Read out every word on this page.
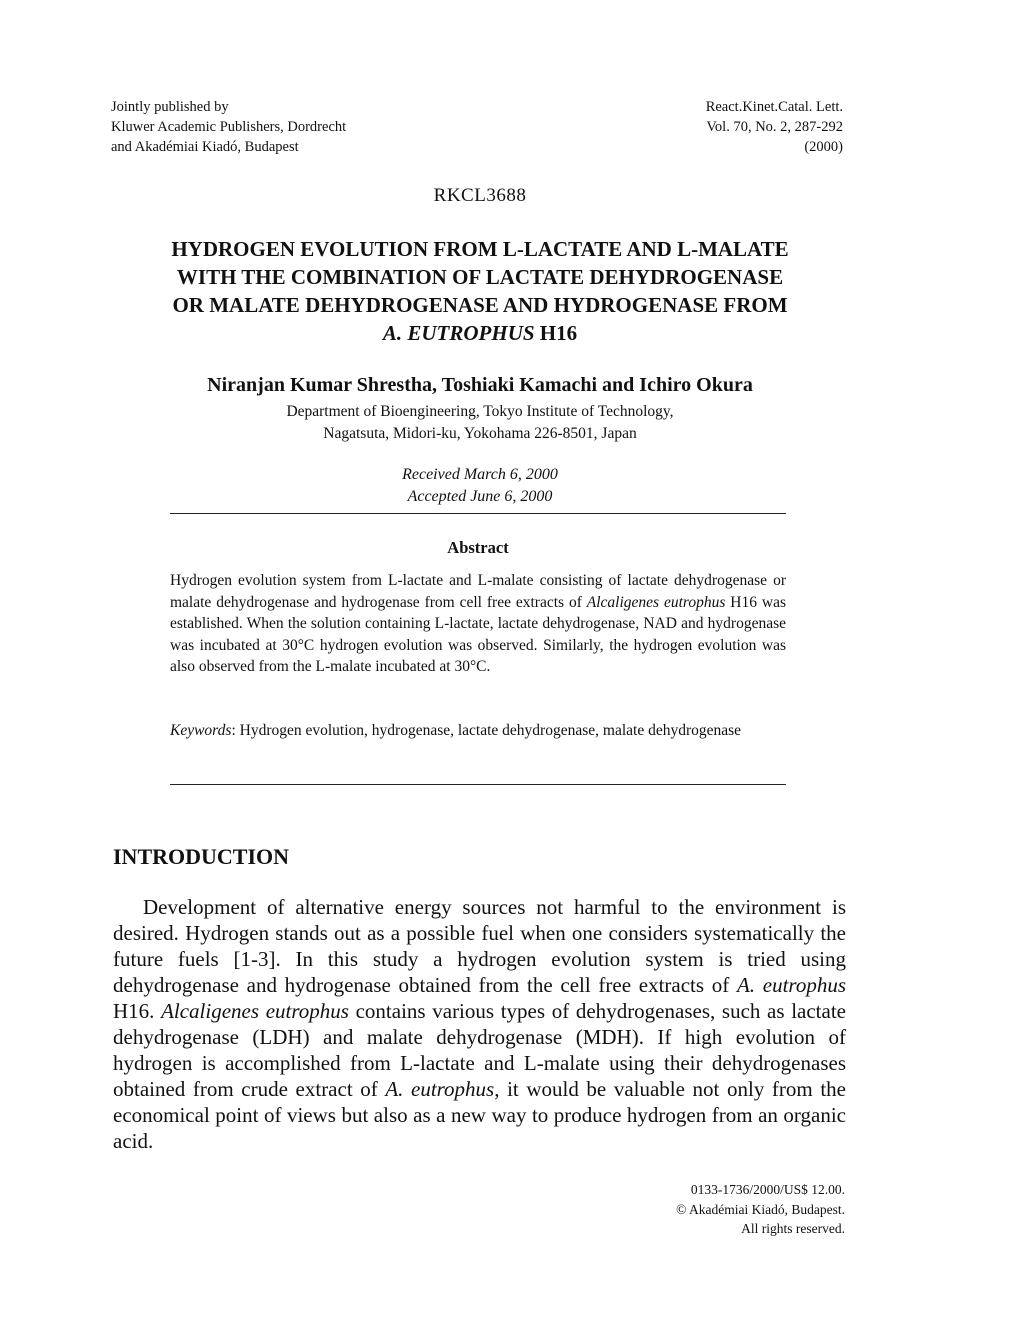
Jointly published by
Kluwer Academic Publishers, Dordrecht
and Akadémiai Kiadó, Budapest
React.Kinet.Catal. Lett.
Vol. 70, No. 2, 287-292
(2000)
RKCL3688
HYDROGEN EVOLUTION FROM L-LACTATE AND L-MALATE
WITH THE COMBINATION OF LACTATE DEHYDROGENASE
OR MALATE DEHYDROGENASE AND HYDROGENASE FROM
A. EUTROPHUS H16
Niranjan Kumar Shrestha, Toshiaki Kamachi and Ichiro Okura
Department of Bioengineering, Tokyo Institute of Technology,
Nagatsuta, Midori-ku, Yokohama 226-8501, Japan
Received March 6, 2000
Accepted June 6, 2000
Abstract
Hydrogen evolution system from L-lactate and L-malate consisting of lactate dehydrogenase or malate dehydrogenase and hydrogenase from cell free extracts of Alcaligenes eutrophus H16 was established. When the solution containing L-lactate, lactate dehydrogenase, NAD and hydrogenase was incubated at 30°C hydrogen evolution was observed. Similarly, the hydrogen evolution was also observed from the L-malate incubated at 30°C.
Keywords: Hydrogen evolution, hydrogenase, lactate dehydrogenase, malate dehydrogenase
INTRODUCTION
Development of alternative energy sources not harmful to the environment is desired. Hydrogen stands out as a possible fuel when one considers systematically the future fuels [1-3]. In this study a hydrogen evolution system is tried using dehydrogenase and hydrogenase obtained from the cell free extracts of A. eutrophus H16. Alcaligenes eutrophus contains various types of dehydrogenases, such as lactate dehydrogenase (LDH) and malate dehydrogenase (MDH). If high evolution of hydrogen is accomplished from L-lactate and L-malate using their dehydrogenases obtained from crude extract of A. eutrophus, it would be valuable not only from the economical point of views but also as a new way to produce hydrogen from an organic acid.
0133-1736/2000/US$ 12.00.
© Akadémiai Kiadó, Budapest.
All rights reserved.
